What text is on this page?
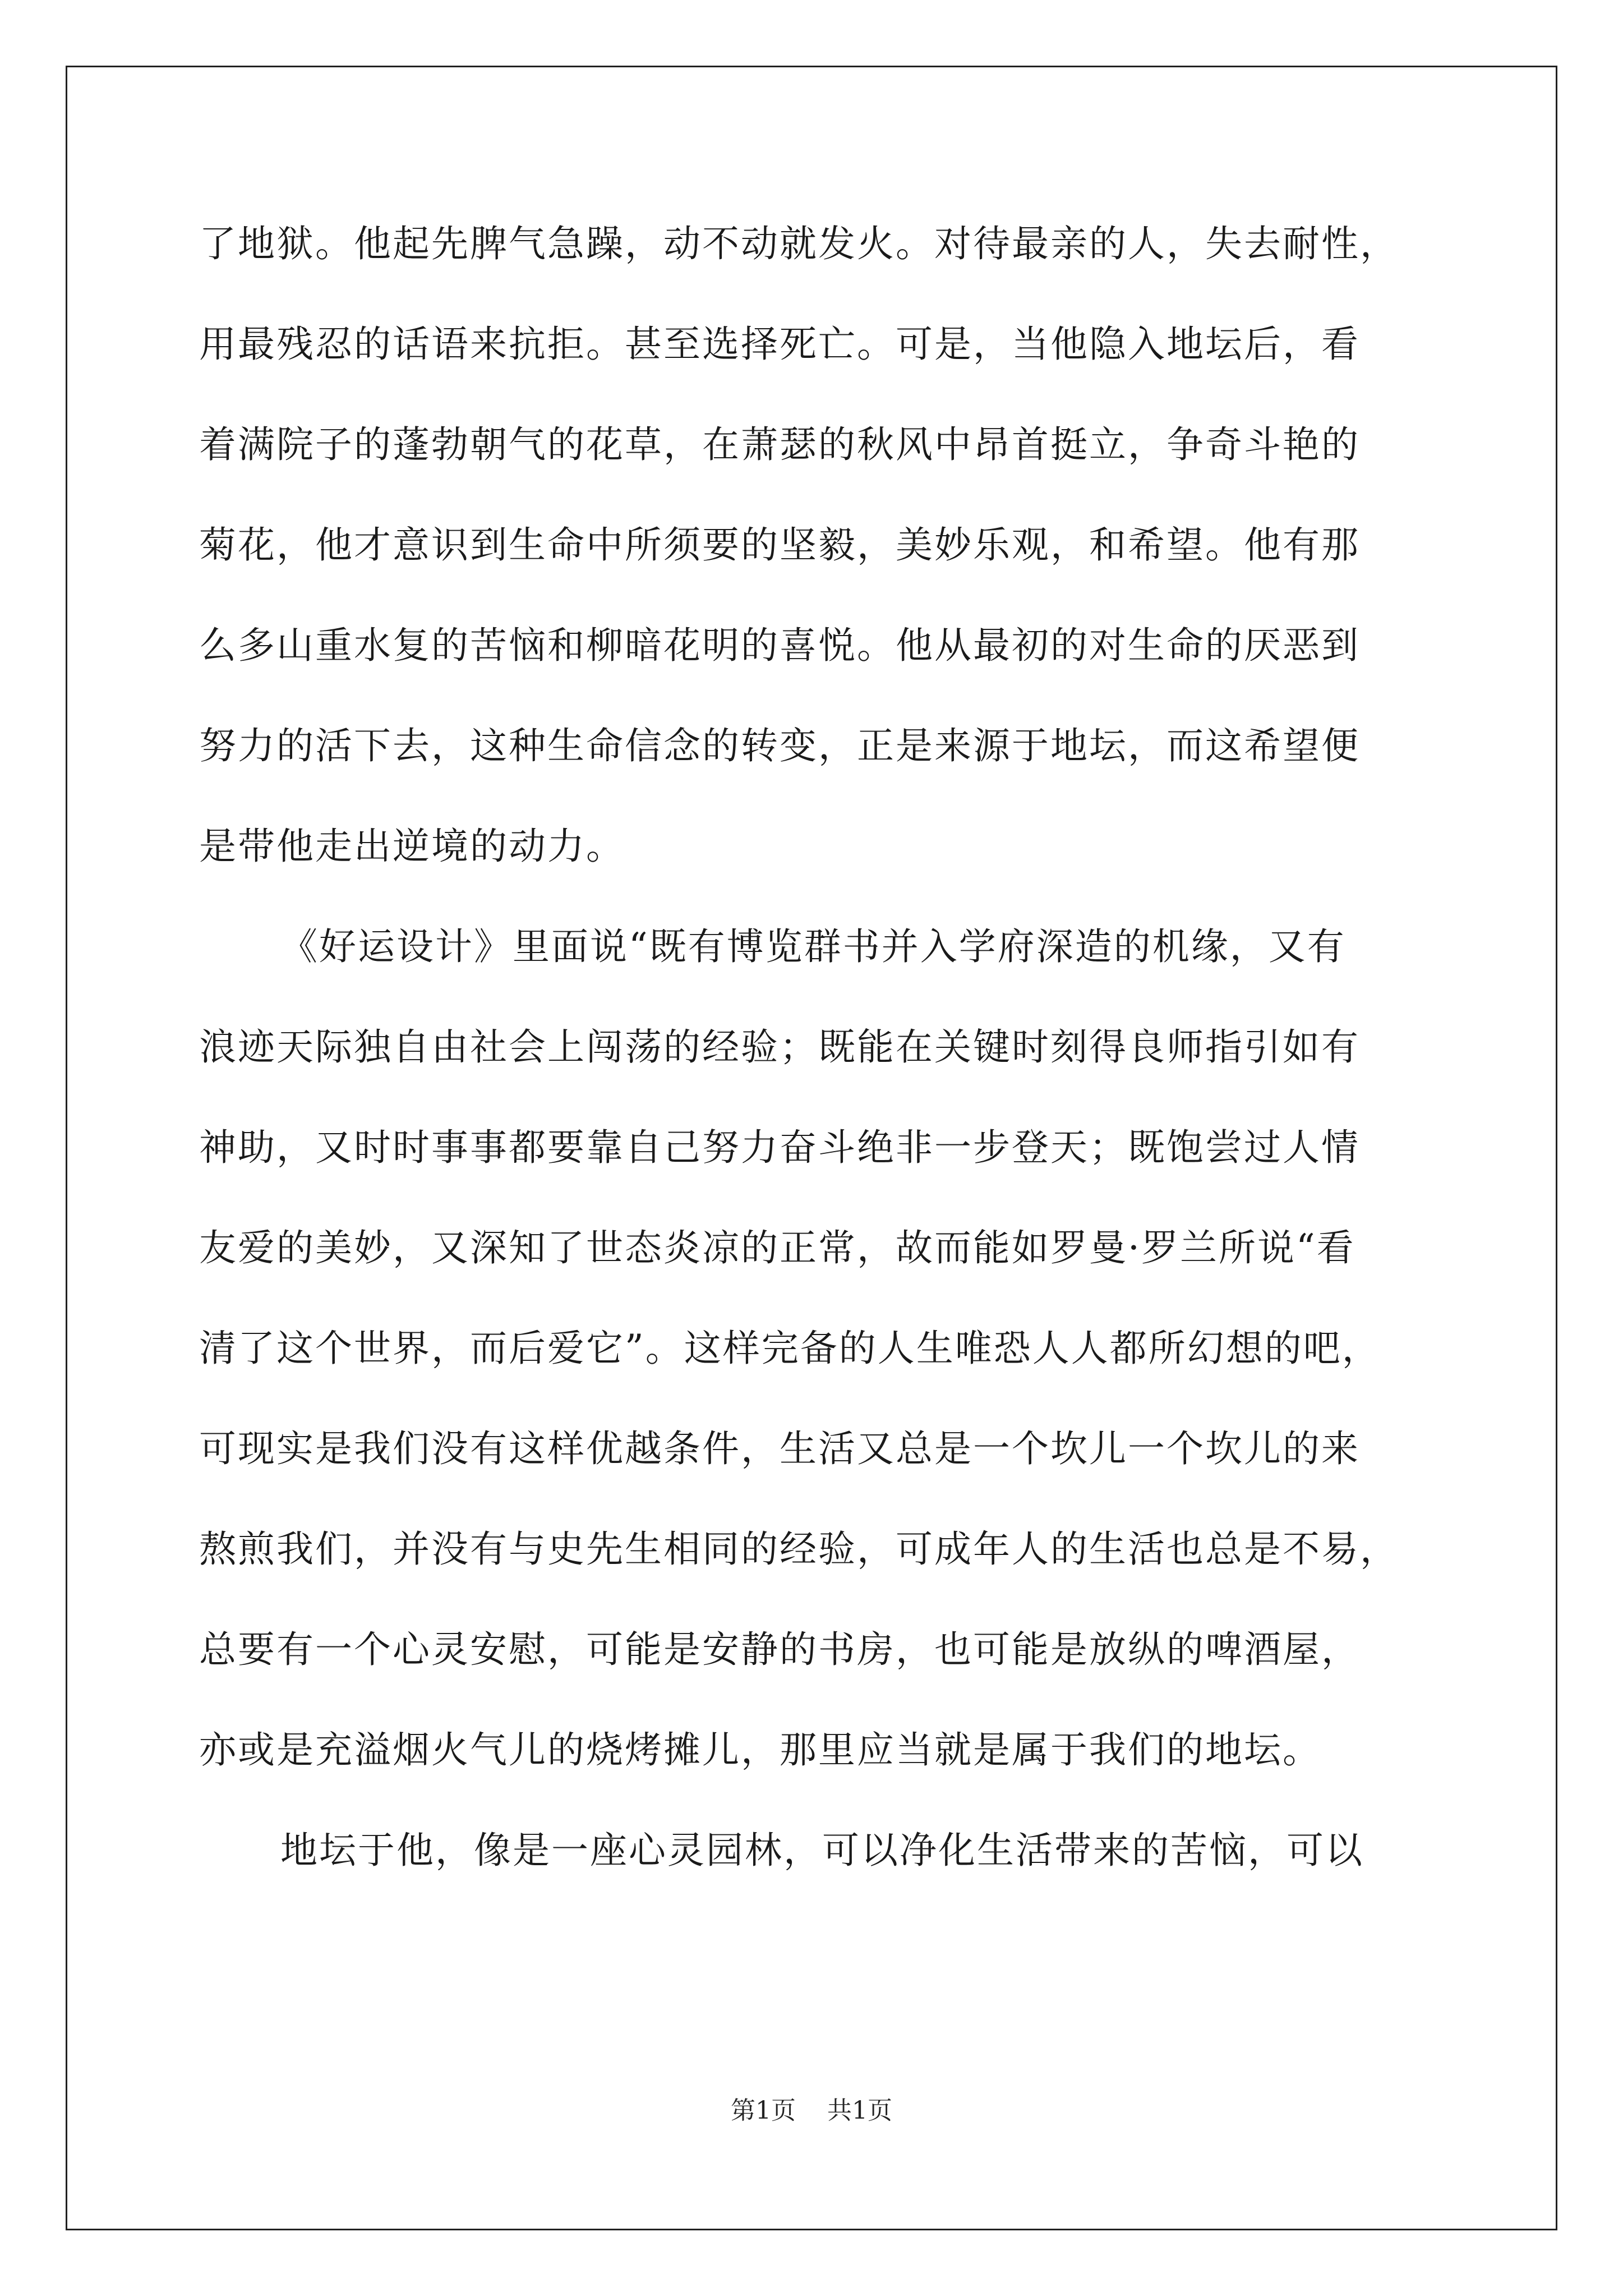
了地狱。他起先脾气急躁，动不动就发火。对待最亲的人，失去耐性，
用最残忍的话语来抗拒。甚至选择死亡。可是，当他隐入地坛后，看
着满院子的蓬勃朝气的花草，在萧瑟的秋风中昂首挺立，争奇斗艳的
菊花，他才意识到生命中所须要的坚毅，美妙乐观，和希望。他有那
么多山重水复的苦恼和柳暗花明的喜悦。他从最初的对生命的厌恶到
努力的活下去，这种生命信念的转变，正是来源于地坛，而这希望便
是带他走出逆境的动力。
《好运设计》里面说“既有博览群书并入学府深造的机缘，又有
浪迹天际独自由社会上闯荡的经验；既能在关键时刻得良师指引如有
神助，又时时事事都要靠自己努力奋斗绝非一步登天；既饱尝过人情
友爱的美妙，又深知了世态炎凉的正常，故而能如罗曼·罗兰所说“看
清了这个世界，而后爱它”。这样完备的人生唯恐人人都所幻想的吧，
可现实是我们没有这样优越条件，生活又总是一个坎儿一个坎儿的来
熬煎我们，并没有与史先生相同的经验，可成年人的生活也总是不易，
总要有一个心灵安慰，可能是安静的书房，也可能是放纵的啤酒屋，
亦或是充溢烟火气儿的烧烤摊儿，那里应当就是属于我们的地坛。
地坛于他，像是一座心灵园林，可以净化生活带来的苦恼，可以
第1页    共1页
